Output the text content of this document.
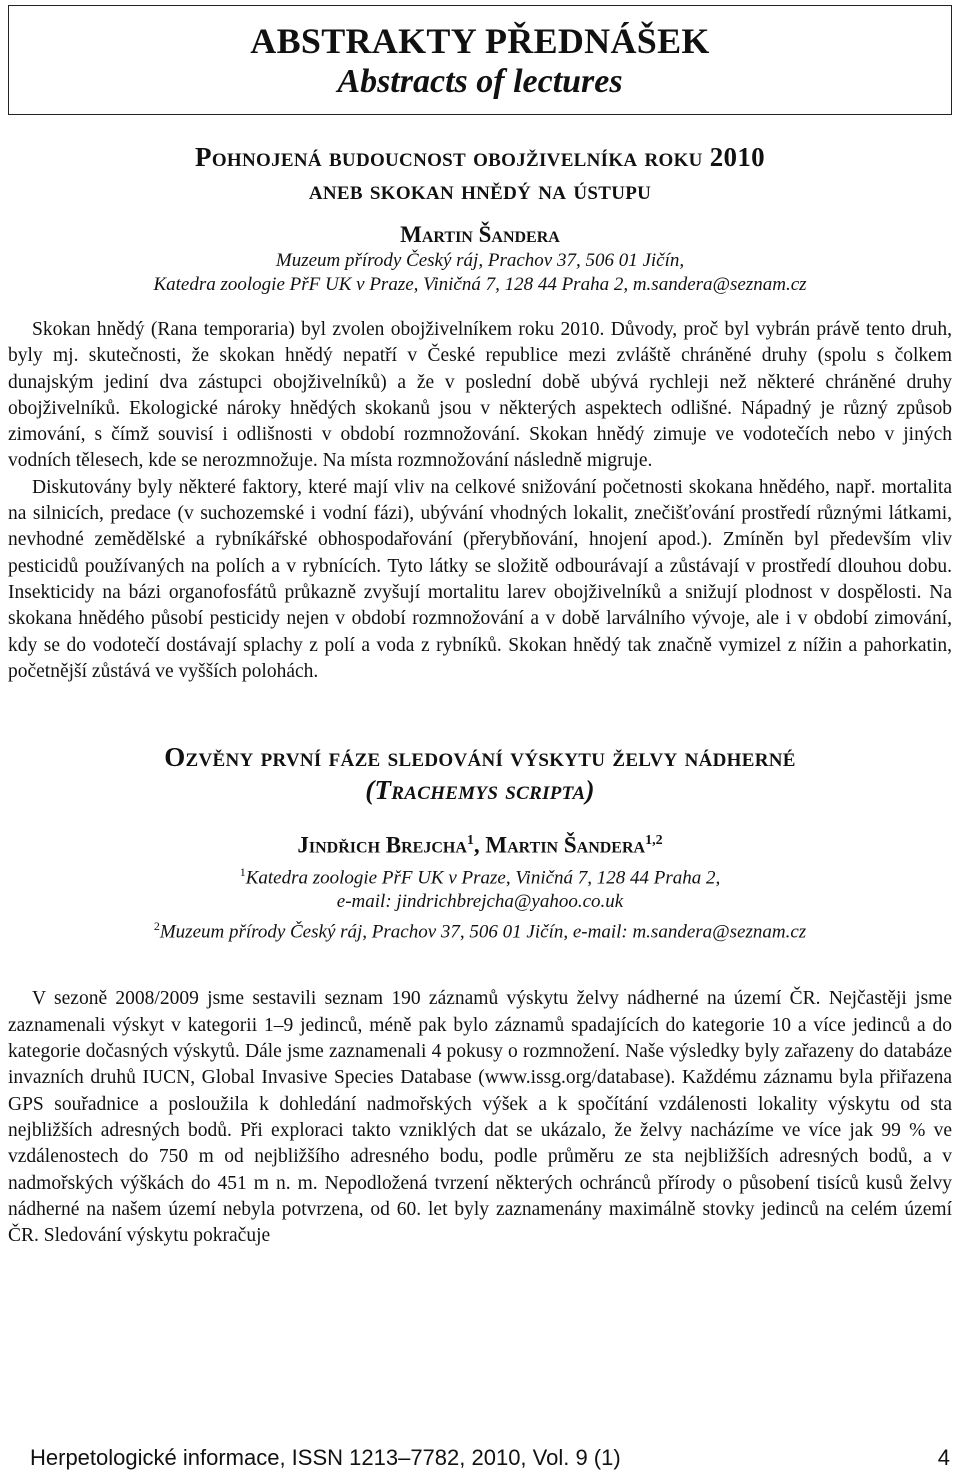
ABSTRAKTY PŘEDNÁŠEK
Abstracts of lectures
Pohnojená budoucnost obojživelníka roku 2010
aneb skokan hnědý na ústupu
Martin Šandera
Muzeum přírody Český ráj, Prachov 37, 506 01 Jičín,
Katedra zoologie PřF UK v Praze, Viničná 7, 128 44 Praha 2, m.sandera@seznam.cz

Skokan hnědý (Rana temporaria) byl zvolen obojživelníkem roku 2010. Důvody, proč byl vybrán právě tento druh, byly mj. skutečnosti, že skokan hnědý nepatří v České republice mezi zvláště chráněné druhy (spolu s čolkem dunajským jediní dva zástupci obojživelníků) a že v poslední době ubývá rychleji než některé chráněné druhy obojživelníků. Ekologické nároky hnědých skokanů jsou v některých aspektech odlišné. Nápadný je různý způsob zimování, s čímž souvisí i odlišnosti v období rozmnožování. Skokan hnědý zimuje ve vodotečích nebo v jiných vodních tělesech, kde se nerozmnožuje. Na místa rozmnožování následně migruje.

Diskutovány byly některé faktory, které mají vliv na celkové snižování početnosti skokana hnědého, např. mortalita na silnicích, predace (v suchozemské i vodní fázi), ubývání vhodných lokalit, znečišťování prostředí různými látkami, nevhodné zemědělské a rybníkářské obhospodařování (přerybňování, hnojení apod.). Zmíněn byl především vliv pesticidů používaných na polích a v rybnících. Tyto látky se složitě odbourávají a zůstávají v prostředí dlouhou dobu. Insekticidy na bázi organofosfátů průkazně zvyšují mortalitu larev obojživelníků a snižují plodnost v dospělosti. Na skokana hnědého působí pesticidy nejen v období rozmnožování a v době larválního vývoje, ale i v období zimování, kdy se do vodotečí dostávají splachy z polí a voda z rybníků. Skokan hnědý tak značně vymizel z nížin a pahorkatin, početnější zůstává ve vyšších polohách.

Ozvěny první fáze sledování výskytu želvy nádherné
(Trachemys scripta)
Jindřich Brejcha$^1$, Martin Šandera$^{1,2}$
$^1$Katedra zoologie PřF UK v Praze, Viničná 7, 128 44 Praha 2,
e-mail: jindrichbrejcha@yahoo.co.uk
$^2$Muzeum přírody Český ráj, Prachov 37, 506 01 Jičín, e-mail: m.sandera@seznam.cz

V sezoně 2008/2009 jsme sestavili seznam 190 záznamů výskytu želvy nádherné na území ČR. Nejčastěji jsme zaznamenali výskyt v kategorii 1–9 jedinců, méně pak bylo záznamů spadajících do kategorie 10 a více jedinců a do kategorie dočasných výskytů. Dále jsme zaznamenali 4 pokusy o rozmnožení. Naše výsledky byly zařazeny do databáze invazních druhů IUCN, Global Invasive Species Database (www.issg.org/database). Každému záznamu byla přiřazena GPS souřadnice a posloužila k dohledání nadmořských výšek a k spočítání vzdálenosti lokality výskytu od sta nejbližších adresných bodů. Při exploraci takto vzniklých dat se ukázalo, že želvy nacházíme ve více jak 99 % ve vzdálenostech do 750 m od nejbližšího adresného bodu, podle průměru ze sta nejbližších adresných bodů, a v nadmořských výškách do 451 m n. m. Nepodložená tvrzení některých ochránců přírody o působení tisíců kusů želvy nádherné na našem území nebyla potvrzena, od 60. let byly zaznamenány maximálně stovky jedinců na celém území ČR. Sledování výskytu pokračuje

Herpetologické informace, ISSN 1213–7782, 2010, Vol. 9 (1)	4
